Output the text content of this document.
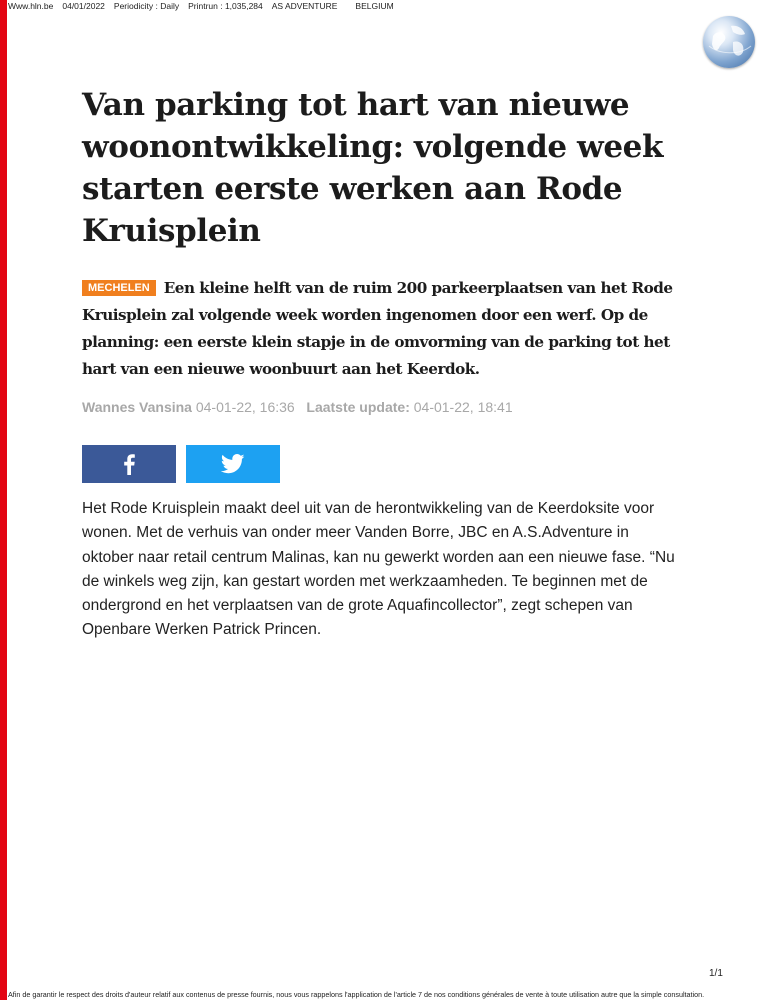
Www.hln.be 04/01/2022 Periodicity : Daily Printrun : 1,035,284 AS ADVENTURE BELGIUM
Van parking tot hart van nieuwe woonontwikkeling: volgende week starten eerste werken aan Rode Kruisplein

MECHELEN Een kleine helft van de ruim 200 parkeerplaatsen van het Rode Kruisplein zal volgende week worden ingenomen door een werf. Op de planning: een eerste klein stapje in de omvorming van de parking tot het hart van een nieuwe woonbuurt aan het Keerdok.

Wannes Vansina 04-01-22, 16:36 Laatste update: 04-01-22, 18:41

Het Rode Kruisplein maakt deel uit van de herontwikkeling van de Keerdoksite voor wonen. Met de verhuis van onder meer Vanden Borre, JBC en A.S.Adventure in oktober naar retail centrum Malinas, kan nu gewerkt worden aan een nieuwe fase. “Nu de winkels weg zijn, kan gestart worden met werkzaamheden. Te beginnen met de ondergrond en het verplaatsen van de grote Aquafincollector”, zegt schepen van Openbare Werken Patrick Princen.

1/1
Afin de garantir le respect des droits d'auteur relatif aux contenus de presse fournis, nous vous rappelons l'application de l'article 7 de nos conditions générales de vente à toute utilisation autre que la simple consultation.
